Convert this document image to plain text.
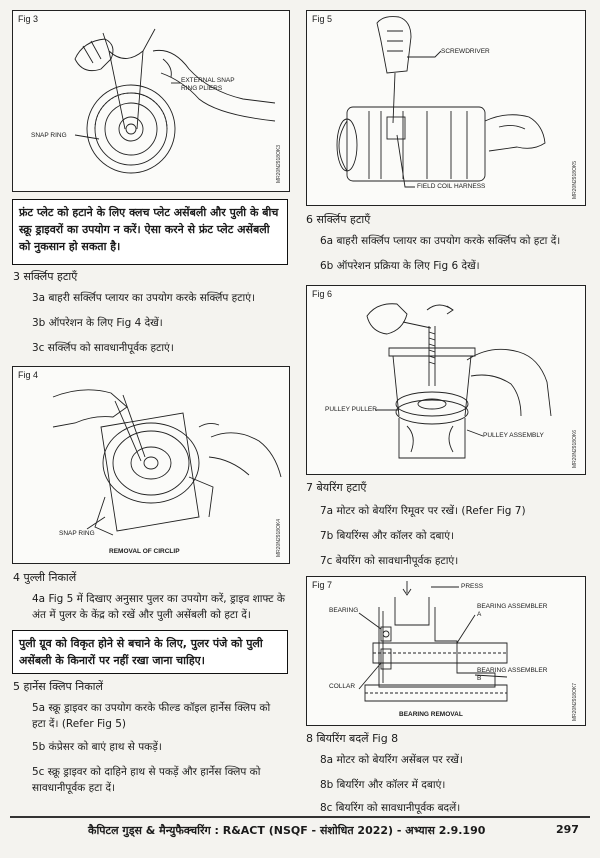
Fig 3
EXTERNAL SNAP
RING PLIERS
SNAP RING
MR20N2918OK3
फ्रंट प्लेट को हटाने के लिए क्लच प्लेट असेंबली और पुली के बीच स्क्रू ड्राइवरों का उपयोग न करें। ऐसा करने से फ्रंट प्लेट असेंबली को नुकसान हो सकता है।
3 सर्क्लिप हटाएँ
3a बाहरी सर्क्लिप प्लायर का उपयोग करके सर्क्लिप हटाएं।
3b ऑपरेशन के लिए Fig 4 देखें।
3c सर्क्लिप को सावधानीपूर्वक हटाएं।
Fig 4
SNAP RING
REMOVAL OF CIRCLIP	MR20N2918OK4
4 पुल्ली निकालें
4a Fig 5 में दिखाए अनुसार पुलर का उपयोग करें, ड्राइव शाफ्ट के अंत में पुलर के केंद्र को रखें और पुली असेंबली को हटा दें।
पुली ग्रूव को विकृत होने से बचाने के लिए, पुलर पंजे को पुली असेंबली के किनारों पर नहीं रखा जाना चाहिए।
5 हार्नेस क्लिप निकालें
5a स्क्रू ड्राइवर का उपयोग करके फील्ड कॉइल हार्नेस क्लिप को हटा दें। (Refer Fig 5)
5b कंप्रेसर को बाएं हाथ से पकड़ें।
5c स्क्रू ड्राइवर को दाहिने हाथ से पकड़ें और हार्नेस क्लिप को सावधानीपूर्वक हटा दें।
Fig 5
SCREWDRIVER
FIELD COIL HARNESS	MR20N2918OK5
6 सर्क्लिप हटाएँ
6a बाहरी सर्क्लिप प्लायर का उपयोग करके सर्क्लिप को हटा दें।
6b ऑपरेशन प्रक्रिया के लिए Fig 6 देखें।
Fig 6
PULLEY PULLER
PULLEY ASSEMBLY	MR20N2918OK6
7 बेयरिंग हटाएँ
7a मोटर को बेयरिंग रिमूवर पर रखें। (Refer Fig 7)
7b बियरिंग्स और कॉलर को दबाएं।
7c बेयरिंग को सावधानीपूर्वक हटाएं।
Fig 7	PRESS
BEARING
BEARING ASSEMBLER
A
COLLAR
BEARING ASSEMBLER
B
BEARING REMOVAL	MR20N2918OK7
8 बियरिंग बदलें Fig 8
8a मोटर को बेयरिंग असेंबल पर रखें।
8b बियरिंग और कॉलर में दबाएं।
8c बियरिंग को सावधानीपूर्वक बदलें।
कैपिटल गुड्स & मैन्युफैक्चरिंग : R&ACT (NSQF - संशोधित 2022) - अभ्यास 2.9.190	297
